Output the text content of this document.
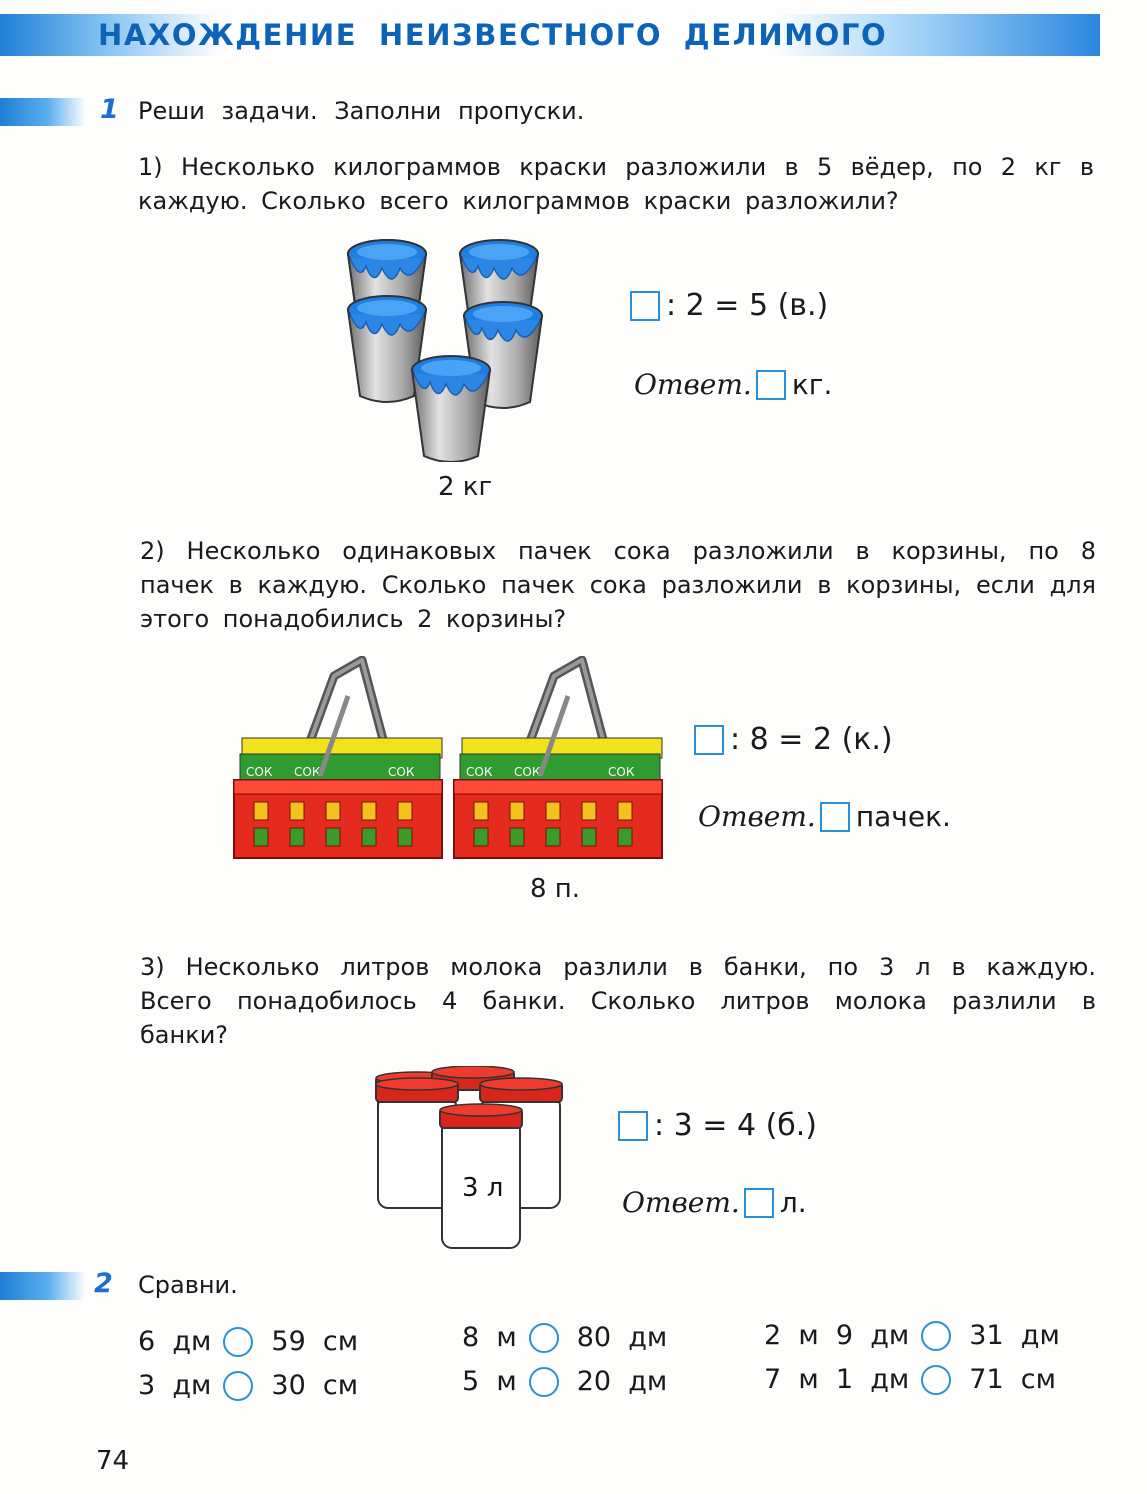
НАХОЖДЕНИЕ НЕИЗВЕСТНОГО ДЕЛИМОГО
1 Реши задачи. Заполни пропуски.
1) Несколько килограммов краски разложили в 5 вёдер, по 2 кг в каждую. Сколько всего килограммов краски разложили?
2 кг
: 2 = 5 (в.)
Ответ. кг.
2) Несколько одинаковых пачек сока разложили в корзины, по 8 пачек в каждую. Сколько пачек сока разложили в корзины, если для этого понадобились 2 корзины?
СОК СОК	СОК
8 п.
: 8 = 2 (к.)
Ответ. пачек.
3) Несколько литров молока разлили в банки, по 3 л в каждую. Всего понадобилось 4 банки. Сколько литров молока разлили в банки?
3 л
: 3 = 4 (б.)
Ответ. л.
2 Сравни.
6  дм 59  см
3  дм 30  см
8  м 80  дм
5  м 20  дм
2  м  9  дм 31  дм
7  м  1  дм 71  см
74
